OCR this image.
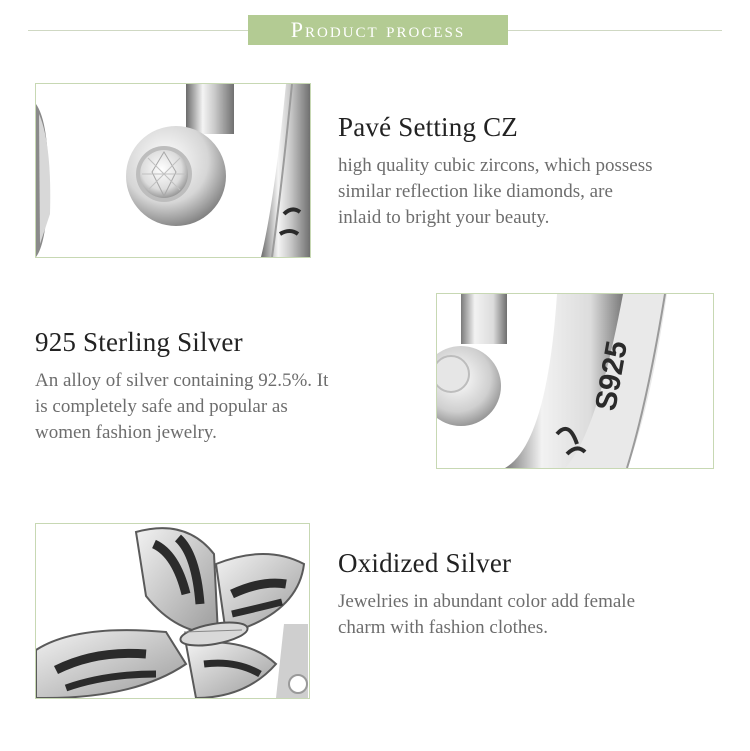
Product process
Pavé Setting CZ

high quality cubic zircons, which possess
similar reflection like diamonds, are
inlaid to bright your beauty.

925 Sterling Silver

An alloy of silver containing 92.5%. It
is completely safe and popular as
women fashion jewelry.

S925
Oxidized Silver

Jewelries in abundant color add female
charm with fashion clothes.
